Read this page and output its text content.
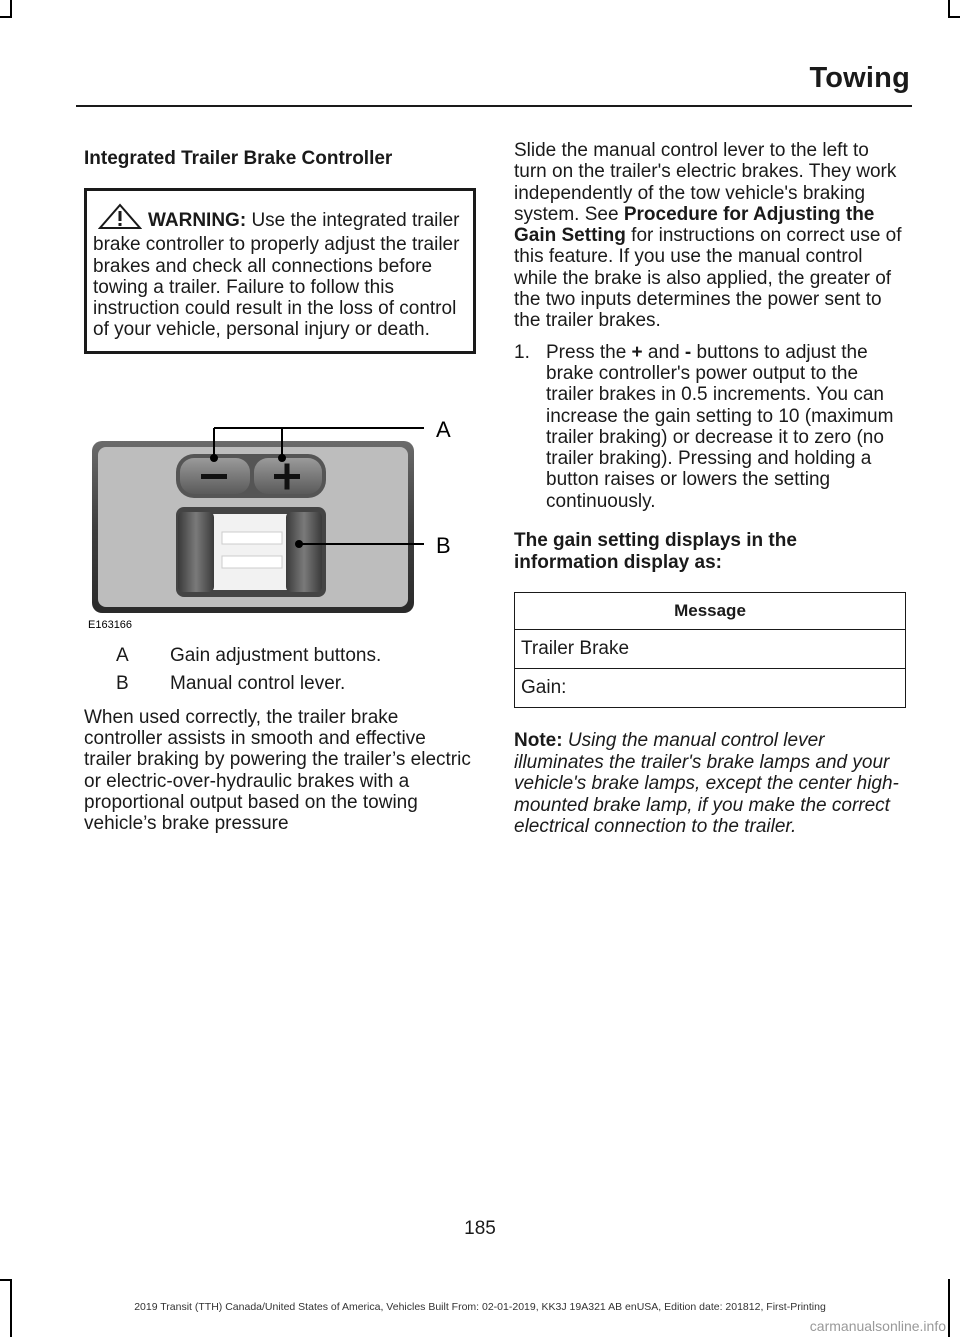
Towing
Integrated Trailer Brake Controller
WARNING: Use the integrated trailer brake controller to properly adjust the trailer brakes and check all connections before towing a trailer. Failure to follow this instruction could result in the loss of control of your vehicle, personal injury or death.
A
B
E163166
A	Gain adjustment buttons.
B	Manual control lever.

When used correctly, the trailer brake controller assists in smooth and effective trailer braking by powering the trailer’s electric or electric-over-hydraulic brakes with a proportional output based on the towing vehicle’s brake pressure

Slide the manual control lever to the left to turn on the trailer's electric brakes. They work independently of the tow vehicle's braking system. See Procedure for Adjusting the Gain Setting for instructions on correct use of this feature. If you use the manual control while the brake is also applied, the greater of the two inputs determines the power sent to the trailer brakes.

1. Press the + and - buttons to adjust the brake controller's power output to the trailer brakes in 0.5 increments. You can increase the gain setting to 10 (maximum trailer braking) or decrease it to zero (no trailer braking). Pressing and holding a button raises or lowers the setting continuously.
The gain setting displays in the information display as:
Message
Trailer Brake
Gain:
Note: Using the manual control lever illuminates the trailer's brake lamps and your vehicle's brake lamps, except the center high-mounted brake lamp, if you make the correct electrical connection to the trailer.
185
2019 Transit (TTH) Canada/United States of America, Vehicles Built From: 02-01-2019, KK3J 19A321 AB enUSA, Edition date: 201812, First-Printing
carmanualsonline.info
